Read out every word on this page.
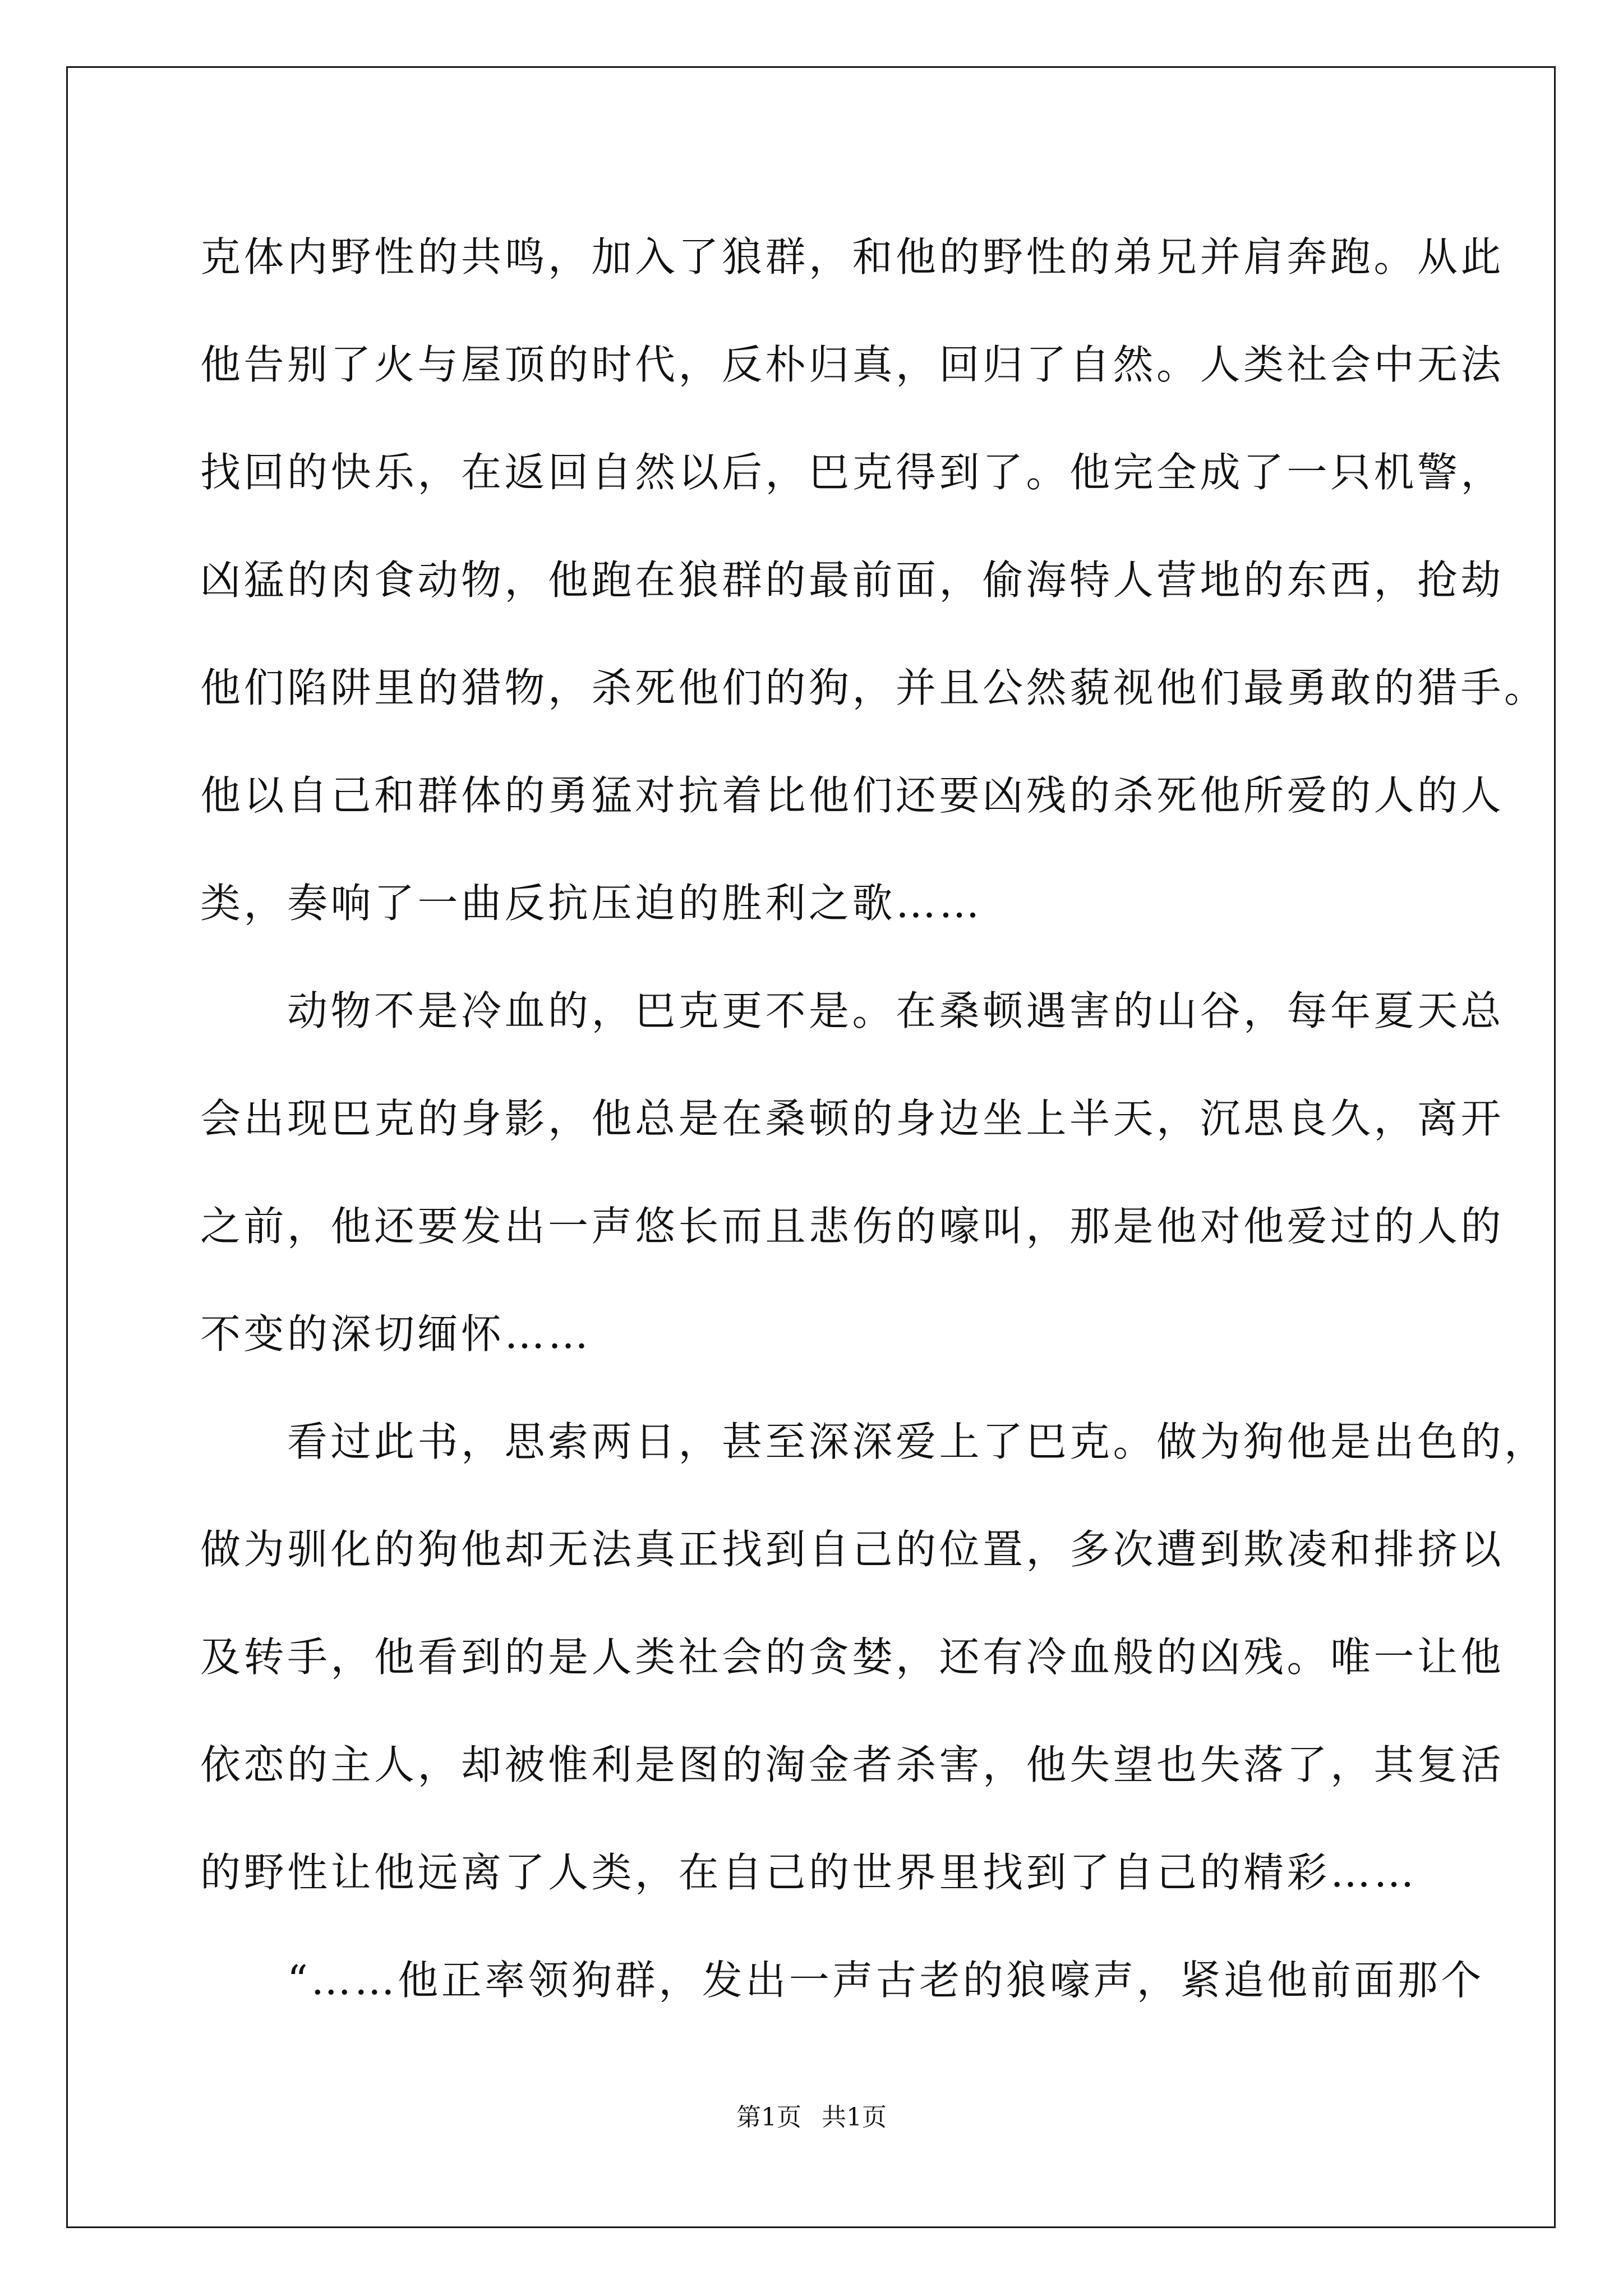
克体内野性的共鸣，加入了狼群，和他的野性的弟兄并肩奔跑。从此
他告别了火与屋顶的时代，反朴归真，回归了自然。人类社会中无法
找回的快乐，在返回自然以后，巴克得到了。他完全成了一只机警，
凶猛的肉食动物，他跑在狼群的最前面，偷海特人营地的东西，抢劫
他们陷阱里的猎物，杀死他们的狗，并且公然藐视他们最勇敢的猎手。
他以自己和群体的勇猛对抗着比他们还要凶残的杀死他所爱的人的人
类，奏响了一曲反抗压迫的胜利之歌……
　　动物不是冷血的，巴克更不是。在桑顿遇害的山谷，每年夏天总
会出现巴克的身影，他总是在桑顿的身边坐上半天，沉思良久，离开
之前，他还要发出一声悠长而且悲伤的嚎叫，那是他对他爱过的人的
不变的深切缅怀……
　　看过此书，思索两日，甚至深深爱上了巴克。做为狗他是出色的，
做为驯化的狗他却无法真正找到自己的位置，多次遭到欺凌和排挤以
及转手，他看到的是人类社会的贪婪，还有冷血般的凶残。唯一让他
依恋的主人，却被惟利是图的淘金者杀害，他失望也失落了，其复活
的野性让他远离了人类，在自己的世界里找到了自己的精彩……
　　“……他正率领狗群，发出一声古老的狼嚎声，紧追他前面那个
第1页 共1页
